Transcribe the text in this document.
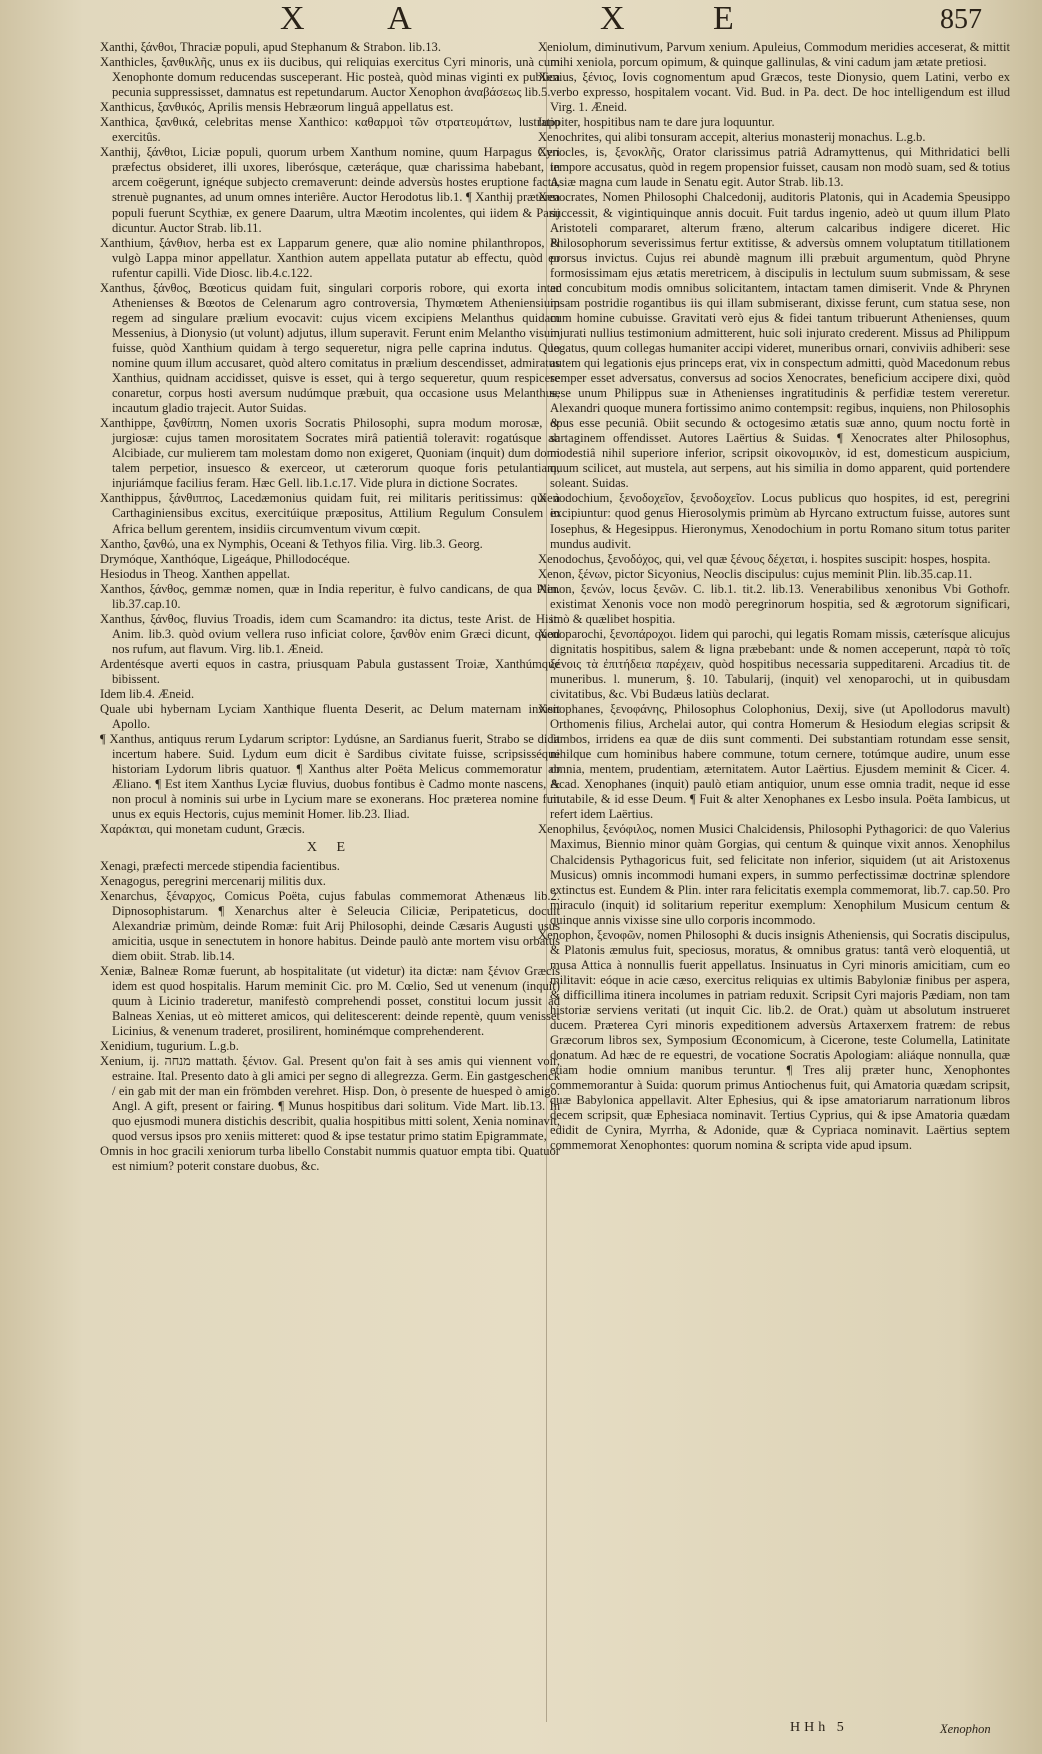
X A	X E	857

Xanthi, ξάνθοι, Thraciæ populi, apud Stephanum & Strabon. lib.13.

Xanthicles, ξανθικλῆς, unus ex iis ducibus, qui reliquias exercitus Cyri minoris, unà cum Xenophonte domum reducendas susceperant. Hic posteà, quòd minas viginti ex publica pecunia suppressisset, damnatus est repetundarum. Auctor Xenophon ἀναβάσεως lib.5.

Xanthicus, ξανθικός, Aprilis mensis Hebræorum linguâ appellatus est.

Xanthica, ξανθικά, celebritas mense Xanthico: καθαρμοὶ τῶν στρατευμάτων, lustratio exercitûs.

Xanthij, ξάνθιοι, Liciæ populi, quorum urbem Xanthum nomine, quum Harpagus Cyri præfectus obsideret, illi uxores, liberósque, cæteráque, quæ charissima habebant, in arcem coëgerunt, ignéque subjecto cremaverunt: deinde adversùs hostes eruptione facta, strenuè pugnantes, ad unum omnes interiêre. Auctor Herodotus lib.1. ¶ Xanthij præterea populi fuerunt Scythiæ, ex genere Daarum, ultra Mæotim incolentes, qui iidem & Parij dicuntur. Auctor Strab. lib.11.

Xanthium, ξάνθιον, herba est ex Lapparum genere, quæ alio nomine philanthropos, & vulgò Lappa minor appellatur. Xanthion autem appellata putatur ab effectu, quòd eo rufentur capilli. Vide Diosc. lib.4.c.122.

Xanthus, ξάνθος, Bœoticus quidam fuit, singulari corporis robore, qui exorta inter Athenienses & Bœotos de Celenarum agro controversia, Thymœtem Atheniensium regem ad singulare prælium evocavit: cujus vicem excipiens Melanthus quidam Messenius, à Dionysio (ut volunt) adjutus, illum superavit. Ferunt enim Melantho visum fuisse, quòd Xanthium quidam à tergo sequeretur, nigra pelle caprina indutus. Quo nomine quum illum accusaret, quòd altero comitatus in prælium descendisset, admiratus Xanthius, quidnam accidisset, quisve is esset, qui à tergo sequeretur, quum respicere conaretur, corpus hosti aversum nudúmque præbuit, qua occasione usus Melanthus, incautum gladio trajecit. Autor Suidas.

Xanthippe, ξανθίππη, Nomen uxoris Socratis Philosophi, supra modum morosæ, & jurgiosæ: cujus tamen morositatem Socrates mirâ patientiâ toleravit: rogatúsque ab Alcibiade, cur mulierem tam molestam domo non exigeret, Quoniam (inquit) dum domi talem perpetior, insuesco & exerceor, ut cæterorum quoque foris petulantiam, injuriámque facilius feram. Hæc Gell. lib.1.c.17. Vide plura in dictione Socrates.

Xanthippus, ξάνθιππος, Lacedæmonius quidam fuit, rei militaris peritissimus: qui à Carthaginiensibus excitus, exercitúique præpositus, Attilium Regulum Consulem in Africa bellum gerentem, insidiis circumventum vivum cœpit.

Xantho, ξανθώ, una ex Nymphis, Oceani & Tethyos filia. Virg. lib.3. Georg.

Drymóque, Xanthóque, Ligeáque, Phillodocéque.

Hesiodus in Theog. Xanthen appellat.

Xanthos, ξάνθος, gemmæ nomen, quæ in India reperitur, è fulvo candicans, de qua Plin. lib.37.cap.10.

Xanthus, ξάνθος, fluvius Troadis, idem cum Scamandro: ita dictus, teste Arist. de Hist. Anim. lib.3. quòd ovium vellera ruso inficiat colore, ξανθὸν enim Græci dicunt, quod nos rufum, aut flavum. Virg. lib.1. Æneid.

Ardentésque averti equos in castra, priusquam Pabula gustassent Troiæ, Xanthúmque bibissent.

Idem lib.4. Æneid.

Quale ubi hybernam Lyciam Xanthique fluenta Deserit, ac Delum maternam invisit Apollo.

¶ Xanthus, antiquus rerum Lydarum scriptor: Lydúsne, an Sardianus fuerit, Strabo se dicit incertum habere. Suid. Lydum eum dicit è Sardibus civitate fuisse, scripsisséque historiam Lydorum libris quatuor. ¶ Xanthus alter Poëta Melicus commemoratur ab Æliano. ¶ Est item Xanthus Lyciæ fluvius, duobus fontibus è Cadmo monte nascens, & non procul à nominis sui urbe in Lycium mare se exonerans. Hoc præterea nomine fuit unus ex equis Hectoris, cujus meminit Homer. lib.23. Iliad.

Χαράκται, qui monetam cudunt, Græcis.

X E

Xenagi, præfecti mercede stipendia facientibus.

Xenagogus, peregrini mercenarij militis dux.

Xenarchus, ξέναρχος, Comicus Poëta, cujus fabulas commemorat Athenæus lib.2. Dipnosophistarum. ¶ Xenarchus alter è Seleucia Ciliciæ, Peripateticus, docuit Alexandriæ primùm, deinde Romæ: fuit Arij Philosophi, deinde Cæsaris Augusti usus amicitia, usque in senectutem in honore habitus. Deinde paulò ante mortem visu orbatus diem obiit. Strab. lib.14.

Xeniæ, Balneæ Romæ fuerunt, ab hospitalitate (ut videtur) ita dictæ: nam ξένιον Græcis idem est quod hospitalis. Harum meminit Cic. pro M. Cœlio, Sed ut venenum (inquit) quum à Licinio traderetur, manifestò comprehendi posset, constitui locum jussit ad Balneas Xenias, ut eò mitteret amicos, qui delitescerent: deinde repentè, quum venisset Licinius, & venenum traderet, prosilirent, hominémque comprehenderent.

Xenidium, tugurium. L.g.b.

Xenium, ij. מנחה mattath. ξένιον. Gal. Present qu'on fait à ses amis qui viennent voir, estraine. Ital. Presento dato à gli amici per segno di allegrezza. Germ. Ein gastgeschenck / ein gab mit der man ein frömbden verehret. Hisp. Don, ò presente de huesped ò amigo. Angl. A gift, present or fairing. ¶ Munus hospitibus dari solitum. Vide Mart. lib.13. In quo ejusmodi munera distichis describit, qualia hospitibus mitti solent, Xenia nominavit, quod versus ipsos pro xeniis mitteret: quod & ipse testatur primo statim Epigrammate,

Omnis in hoc gracili xeniorum turba libello Constabit nummis quatuor empta tibi. Quatuor est nimium? poterit constare duobus, &c.

Xeniolum, diminutivum, Parvum xenium. Apuleius, Commodum meridies acceserat, & mittit mihi xeniola, porcum opimum, & quinque gallinulas, & vini cadum jam ætate pretiosi.

Xenius, ξένιος, Iovis cognomentum apud Græcos, teste Dionysio, quem Latini, verbo ex verbo expresso, hospitalem vocant. Vid. Bud. in Pa. dect. De hoc intelligendum est illud Virg. 1. Æneid.

Iuppiter, hospitibus nam te dare jura loquuntur.

Xenochrites, qui alibi tonsuram accepit, alterius monasterij monachus. L.g.b.

Xenocles, is, ξενοκλῆς, Orator clarissimus patriâ Adramyttenus, qui Mithridatici belli tempore accusatus, quòd in regem propensior fuisset, causam non modò suam, sed & totius Asiæ magna cum laude in Senatu egit. Autor Strab. lib.13.

Xenocrates, Nomen Philosophi Chalcedonij, auditoris Platonis, qui in Academia Speusippo successit, & vigintiquinque annis docuit. Fuit tardus ingenio, adeò ut quum illum Plato Aristoteli compararet, alterum fræno, alterum calcaribus indigere diceret. Hic Philosophorum severissimus fertur extitisse, & adversùs omnem voluptatum titillationem prorsus invictus. Cujus rei abundè magnum illi præbuit argumentum, quòd Phryne formosissimam ejus ætatis meretricem, à discipulis in lectulum suum submissam, & sese ad concubitum modis omnibus solicitantem, intactam tamen dimiserit. Vnde & Phrynen ipsam postridie rogantibus iis qui illam submiserant, dixisse ferunt, cum statua sese, non cum homine cubuisse. Gravitati verò ejus & fidei tantum tribuerunt Athenienses, quum injurati nullius testimonium admitterent, huic soli injurato crederent. Missus ad Philippum legatus, quum collegas humaniter accipi videret, muneribus ornari, conviviis adhiberi: sese autem qui legationis ejus princeps erat, vix in conspectum admitti, quòd Macedonum rebus semper esset adversatus, conversus ad socios Xenocrates, beneficium accipere dixi, quòd sese unum Philippus suæ in Athenienses ingratitudinis & perfidiæ testem vereretur. Alexandri quoque munera fortissimo animo contempsit: regibus, inquiens, non Philosophis opus esse pecuniâ. Obiit secundo & octogesimo ætatis suæ anno, quum noctu fortè in sartaginem offendisset. Autores Laërtius & Suidas. ¶ Xenocrates alter Philosophus, modestiâ nihil superiore inferior, scripsit οἰκονομικὸν, id est, domesticum auspicium, quum scilicet, aut mustela, aut serpens, aut his similia in domo apparent, quid portendere soleant. Suidas.

Xenodochium, ξενοδοχεῖον, ξενοδοχεῖον. Locus publicus quo hospites, id est, peregrini excipiuntur: quod genus Hierosolymis primùm ab Hyrcano extructum fuisse, autores sunt Iosephus, & Hegesippus. Hieronymus, Xenodochium in portu Romano situm totus pariter mundus audivit.

Xenodochus, ξενοδόχος, qui, vel quæ ξένους δέχεται, i. hospites suscipit: hospes, hospita.

Xenon, ξένων, pictor Sicyonius, Neoclis discipulus: cujus meminit Plin. lib.35.cap.11.

Xenon, ξενών, locus ξενῶν. C. lib.1. tit.2. lib.13. Venerabilibus xenonibus Vbi Gothofr. existimat Xenonis voce non modò peregrinorum hospitia, sed & ægrotorum significari, imò & quælibet hospitia.

Xenoparochi, ξενοπάροχοι. Iidem qui parochi, qui legatis Romam missis, cæterísque alicujus dignitatis hospitibus, salem & ligna præbebant: unde & nomen acceperunt, παρὰ τὸ τοῖς ξένοις τὰ ἐπιτήδεια παρέχειν, quòd hospitibus necessaria suppeditareni. Arcadius tit. de muneribus. l. munerum, §. 10. Tabularij, (inquit) vel xenoparochi, ut in quibusdam civitatibus, &c. Vbi Budæus latiùs declarat.

Xenophanes, ξενοφάνης, Philosophus Colophonius, Dexij, sive (ut Apollodorus mavult) Orthomenis filius, Archelai autor, qui contra Homerum & Hesiodum elegias scripsit & Iambos, irridens ea quæ de diis sunt commenti. Dei substantiam rotundam esse sensit, nihilque cum hominibus habere commune, totum cernere, totúmque audire, unum esse omnia, mentem, prudentiam, æternitatem. Autor Laërtius. Ejusdem meminit & Cicer. 4. Acad. Xenophanes (inquit) paulò etiam antiquior, unum esse omnia tradit, neque id esse mutabile, & id esse Deum. ¶ Fuit & alter Xenophanes ex Lesbo insula. Poëta Iambicus, ut refert idem Laërtius.

Xenophilus, ξενόφιλος, nomen Musici Chalcidensis, Philosophi Pythagorici: de quo Valerius Maximus, Biennio minor quàm Gorgias, qui centum & quinque vixit annos. Xenophilus Chalcidensis Pythagoricus fuit, sed felicitate non inferior, siquidem (ut ait Aristoxenus Musicus) omnis incommodi humani expers, in summo perfectissimæ doctrinæ splendore extinctus est. Eundem & Plin. inter rara felicitatis exempla commemorat, lib.7. cap.50. Pro miraculo (inquit) id solitarium reperitur exemplum: Xenophilum Musicum centum & quinque annis vixisse sine ullo corporis incommodo.

Xenophon, ξενοφῶν, nomen Philosophi & ducis insignis Atheniensis, qui Socratis discipulus, & Platonis æmulus fuit, speciosus, moratus, & omnibus gratus: tantâ verò eloquentiâ, ut musa Attica à nonnullis fuerit appellatus. Insinuatus in Cyri minoris amicitiam, cum eo militavit: eóque in acie cæso, exercitus reliquias ex ultimis Babyloniæ finibus per aspera, & difficillima itinera incolumes in patriam reduxit. Scripsit Cyri majoris Pædiam, non tam historiæ serviens veritati (ut inquit Cic. lib.2. de Orat.) quàm ut absolutum instrueret ducem. Præterea Cyri minoris expeditionem adversùs Artaxerxem fratrem: de rebus Græcorum libros sex, Symposium Œconomicum, à Cicerone, teste Columella, Latinitate donatum. Ad hæc de re equestri, de vocatione Socratis Apologiam: aliáque nonnulla, quæ etiam hodie omnium manibus teruntur. ¶ Tres alij præter hunc, Xenophontes commemorantur à Suida: quorum primus Antiochenus fuit, qui Amatoria quædam scripsit, quæ Babylonica appellavit. Alter Ephesius, qui & ipse amatoriarum narrationum libros decem scripsit, quæ Ephesiaca nominavit. Tertius Cyprius, qui & ipse Amatoria quædam edidit de Cynira, Myrrha, & Adonide, quæ & Cypriaca nominavit. Laërtius septem commemorat Xenophontes: quorum nomina & scripta vide apud ipsum.

HHh 5	Xenophon
